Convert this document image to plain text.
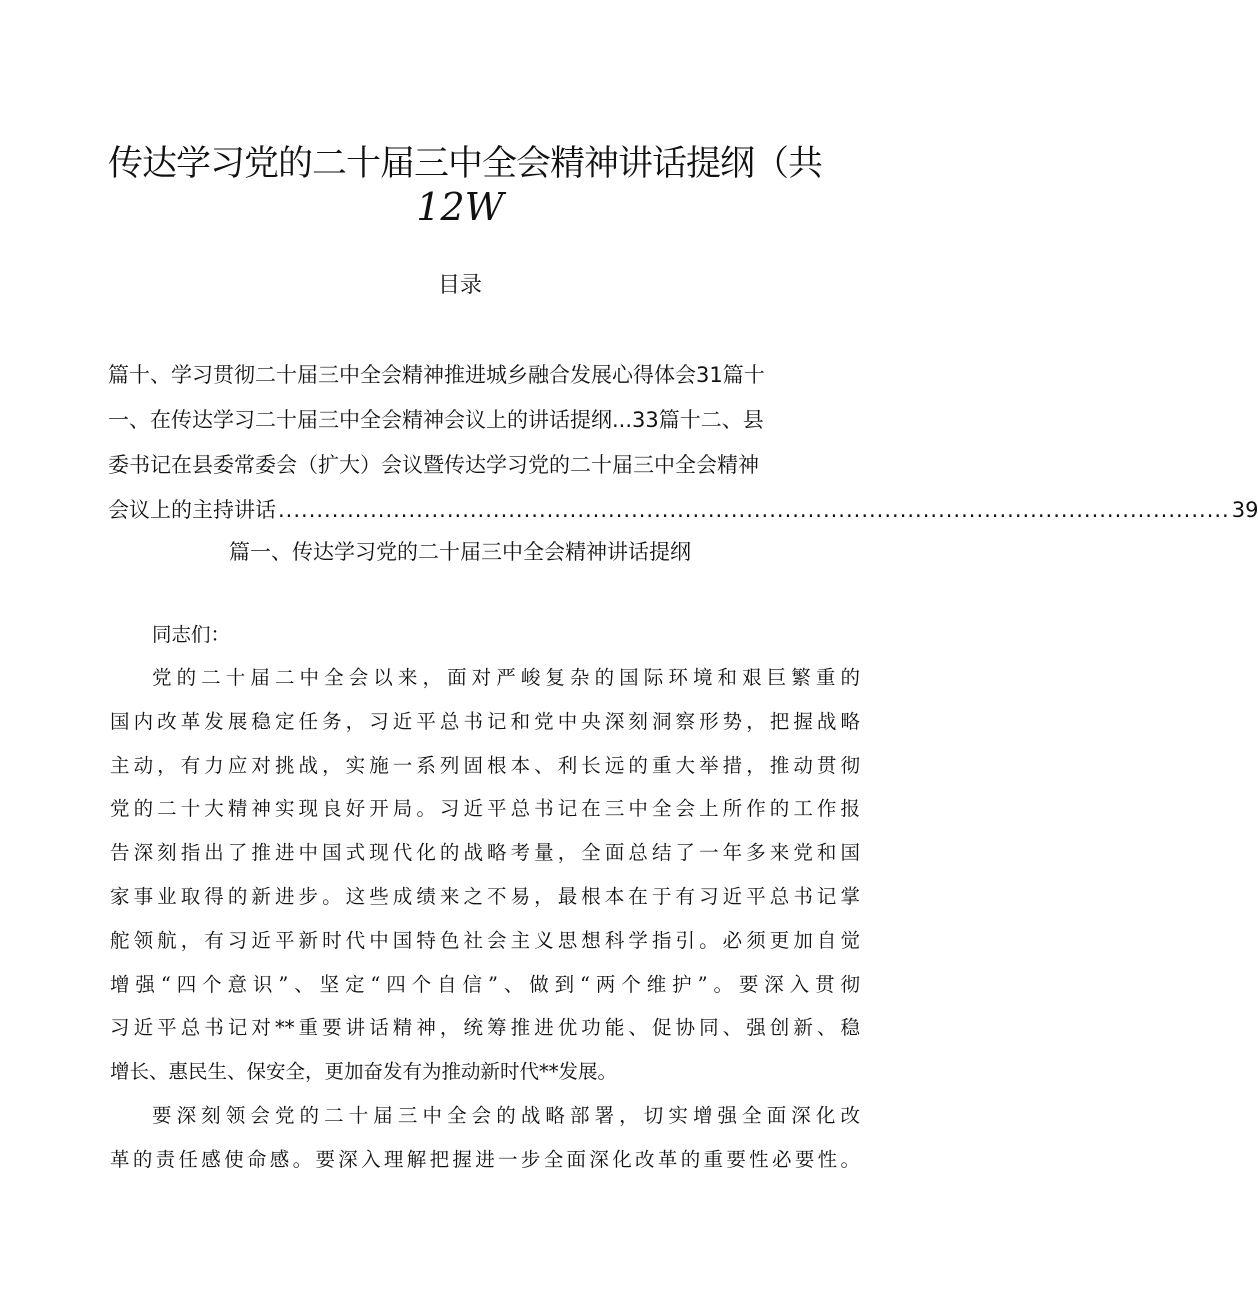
传达学习党的二十届三中全会精神讲话提纲（共
12W
目录
篇十、学习贯彻二十届三中全会精神推进城乡融合发展心得体会31篇十
一、在传达学习二十届三中全会精神会议上的讲话提纲...33篇十二、县
委书记在县委常委会（扩大）会议暨传达学习党的二十届三中全会精神
会议上的主持讲话 ............................................................................................................................ 39
篇一、传达学习党的二十届三中全会精神讲话提纲
同志们：
党的二十届二中全会以来，面对严峻复杂的国际环境和艰巨繁重的
国内改革发展稳定任务，习近平总书记和党中央深刻洞察形势，把握战略
主动，有力应对挑战，实施一系列固根本、利长远的重大举措，推动贯彻
党的二十大精神实现良好开局。习近平总书记在三中全会上所作的工作报
告深刻指出了推进中国式现代化的战略考量，全面总结了一年多来党和国
家事业取得的新进步。这些成绩来之不易，最根本在于有习近平总书记掌
舵领航，有习近平新时代中国特色社会主义思想科学指引。必须更加自觉
增强“四个意识”、坚定“四个自信”、做到“两个维护”。要深入贯彻
习近平总书记对**重要讲话精神，统筹推进优功能、促协同、强创新、稳
增长、惠民生、保安全，更加奋发有为推动新时代**发展。
要深刻领会党的二十届三中全会的战略部署，切实增强全面深化改
革的责任感使命感。要深入理解把握进一步全面深化改革的重要性必要性。
